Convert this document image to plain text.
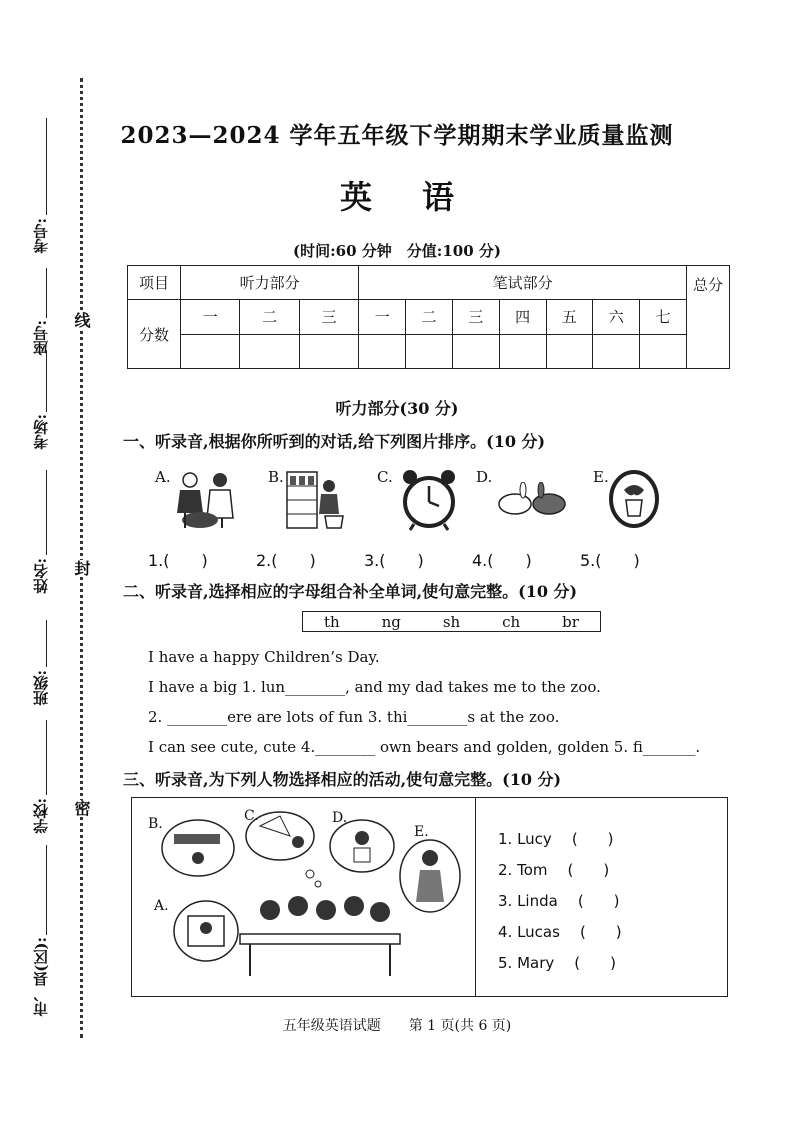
考号:
座号:
考场:
姓名:
班级:
学校:
市、县(区):
线
封
密
2023—2024 学年五年级下学期期末学业质量监测
英语
(时间:60 分钟　分值:100 分)
项目	听力部分			笔试部分							总分
分数	一	二	三	一	二	三	四	五	六	七	

听力部分(30 分)
一、听录音,根据你所听到的对话,给下列图片排序。(10 分)
A.	B.	C.	D.	E.
1.(　　)	2.(　　)	3.(　　)	4.(　　)	5.(　　)
二、听录音,选择相应的字母组合补全单词,使句意完整。(10 分)
th	ng	sh	ch	br
I have a happy Children’s Day.
I have a big 1. lun________, and my dad takes me to the zoo.
2. ________ere are lots of fun 3. thi________s at the zoo.
I can see cute, cute 4.________ own bears and golden, golden 5. fi_______.
三、听录音,为下列人物选择相应的活动,使句意完整。(10 分)
B.	C.	D.
E.
A.
1. Lucy (　　)
2. Tom (　　)
3. Linda (　　)
4. Lucas (　　)
5. Mary (　　)
五年级英语试题　　第 1 页(共 6 页)
